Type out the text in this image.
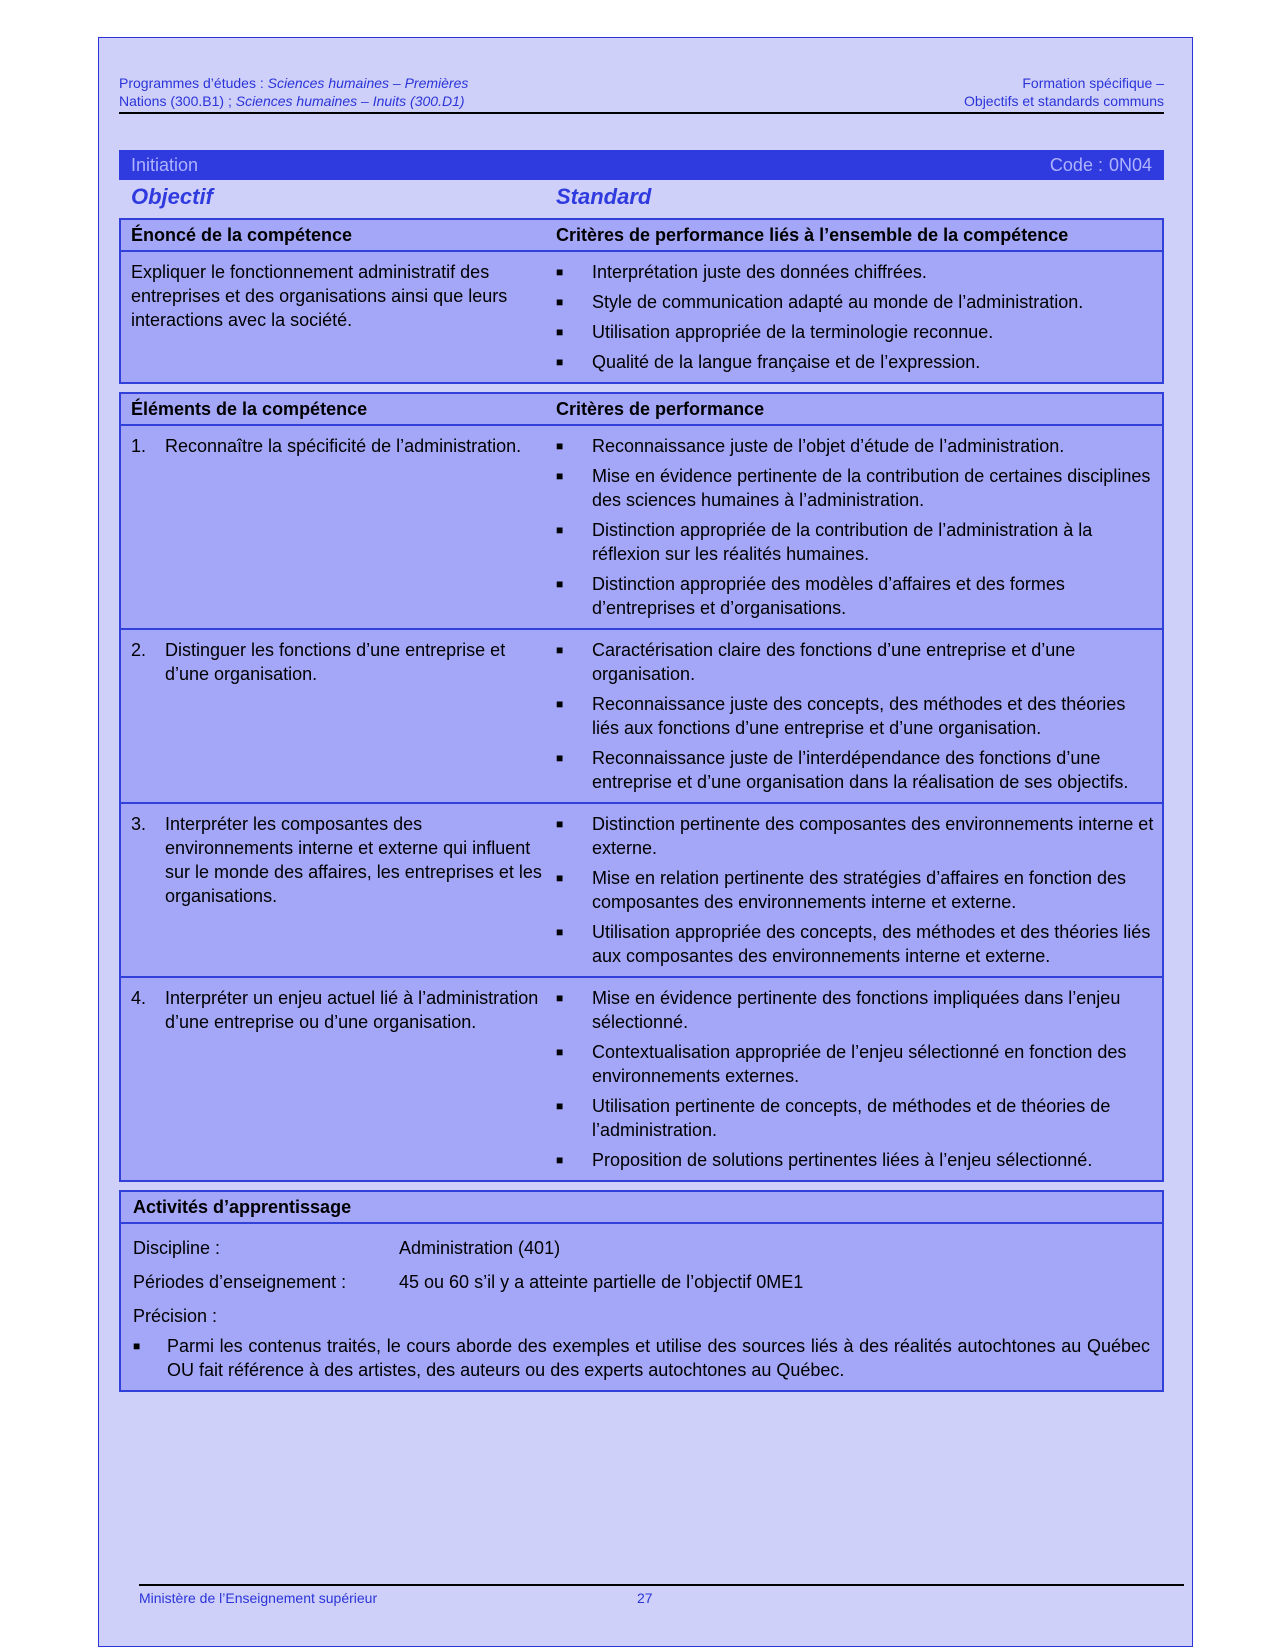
Programmes d’études : Sciences humaines – Premières
Nations (300.B1) ; Sciences humaines – Inuits (300.D1)
Formation spécifique –
Objectifs et standards communs
Initiation	Code : 0N04
Objectif	Standard
Énoncé de la compétence	Critères de performance liés à l’ensemble de la compétence
Expliquer le fonctionnement administratif des entreprises et des organisations ainsi que leurs interactions avec la société.
■	Interprétation juste des données chiffrées.
■	Style de communication adapté au monde de l’administration.
■	Utilisation appropriée de la terminologie reconnue.
■	Qualité de la langue française et de l’expression.
Éléments de la compétence	Critères de performance
1.	Reconnaître la spécificité de l’administration.	■	Reconnaissance juste de l’objet d’étude de l’administration.
■	Mise en évidence pertinente de la contribution de certaines disciplines des sciences humaines à l’administration.
■	Distinction appropriée de la contribution de l’administration à la réflexion sur les réalités humaines.
■	Distinction appropriée des modèles d’affaires et des formes d’entreprises et d’organisations.
2.	Distinguer les fonctions d’une entreprise et d’une organisation.
■	Caractérisation claire des fonctions d’une entreprise et d’une organisation.
■	Reconnaissance juste des concepts, des méthodes et des théories liés aux fonctions d’une entreprise et d’une organisation.
■	Reconnaissance juste de l’interdépendance des fonctions d’une entreprise et d’une organisation dans la réalisation de ses objectifs.
3.	Interpréter les composantes des environnements interne et externe qui influent sur le monde des affaires, les entreprises et les organisations.
■	Distinction pertinente des composantes des environnements interne et externe.
■	Mise en relation pertinente des stratégies d’affaires en fonction des composantes des environnements interne et externe.
■	Utilisation appropriée des concepts, des méthodes et des théories liés aux composantes des environnements interne et externe.
4.	Interpréter un enjeu actuel lié à l’administration d’une entreprise ou d’une organisation.
■	Mise en évidence pertinente des fonctions impliquées dans l’enjeu sélectionné.
■	Contextualisation appropriée de l’enjeu sélectionné en fonction des environnements externes.
■	Utilisation pertinente de concepts, de méthodes et de théories de l’administration.
■	Proposition de solutions pertinentes liées à l’enjeu sélectionné.
Activités d’apprentissage
Discipline :	Administration (401)
Périodes d’enseignement :	45 ou 60 s’il y a atteinte partielle de l’objectif 0ME1
Précision :
■	Parmi les contenus traités, le cours aborde des exemples et utilise des sources liés à des réalités autochtones au Québec OU fait référence à des artistes, des auteurs ou des experts autochtones au Québec.
Ministère de l’Enseignement supérieur	27
